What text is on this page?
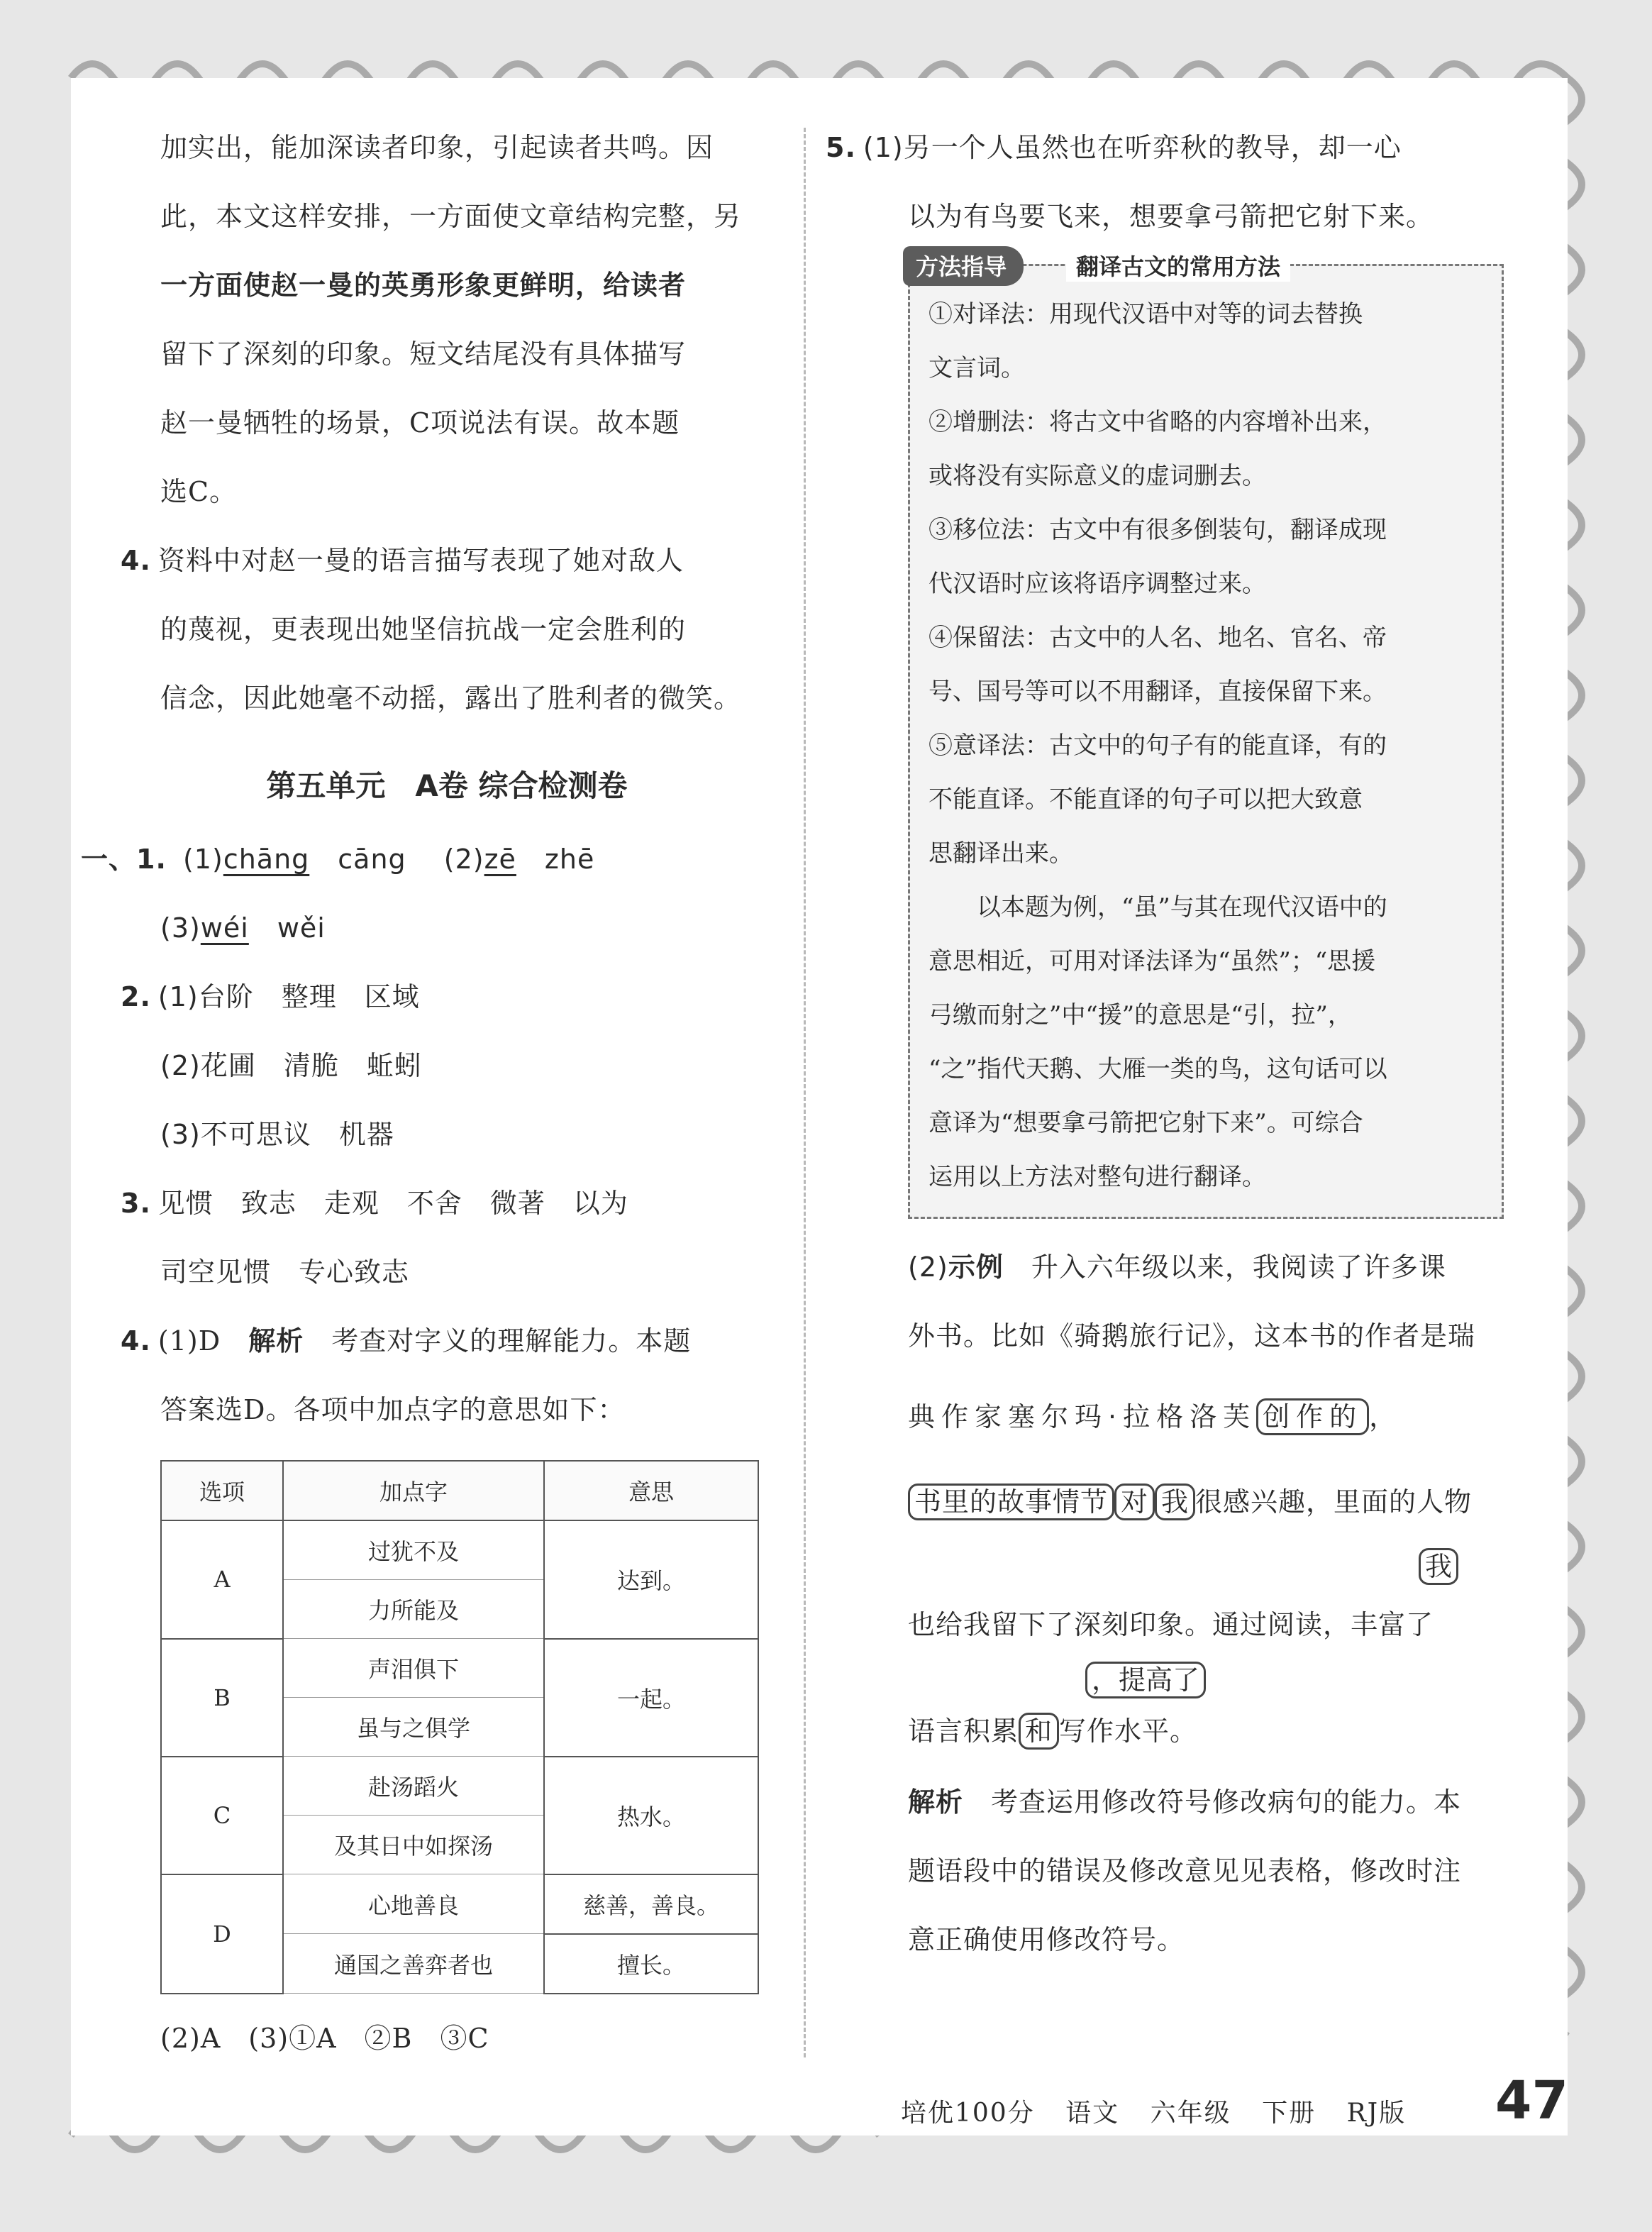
加实出，能加深读者印象，引起读者共鸣。因

此，本文这样安排，一方面使文章结构完整，另

一方面使赵一曼的英勇形象更鲜明，给读者

留下了深刻的印象。短文结尾没有具体描写

赵一曼牺牲的场景，C项说法有误。故本题

选C。

4. 资料中对赵一曼的语言描写表现了她对敌人

的蔑视，更表现出她坚信抗战一定会胜利的

信念，因此她毫不动摇，露出了胜利者的微笑。

第五单元　A卷 综合检测卷

一、1. (1)chāng cāng (2)zē zhē

(3)wéi wěi

2. (1)台阶　整理　区域

(2)花圃　清脆　蚯蚓

(3)不可思议　机器

3. 见惯　致志　走观　不舍　微著　以为

司空见惯　专心致志

4. (1)D　 解析　 考查对字义的理解能力。本题

答案选D。各项中加点字的意思如下：

选项	加点字	意思
A	过犹不及	达到。
	力所能及	
B	声泪俱下	一起。
	虽与之俱学	
C	赴汤蹈火	热水。
	及其日中如探汤	
D	心地善良	慈善，善良。
	通国之善弈者也	擅长。

(2)A　(3)①A　②B　③C

5. (1)另一个人虽然也在听弈秋的教导，却一心

以为有鸟要飞来，想要拿弓箭把它射下来。

方法指导	翻译古文的常用方法

①对译法：用现代汉语中对等的词去替换

文言词。

②增删法：将古文中省略的内容增补出来，

或将没有实际意义的虚词删去。

③移位法：古文中有很多倒装句，翻译成现

代汉语时应该将语序调整过来。

④保留法：古文中的人名、地名、官名、帝

号、国号等可以不用翻译，直接保留下来。

⑤意译法：古文中的句子有的能直译，有的

不能直译。不能直译的句子可以把大致意

思翻译出来。

　　以本题为例，“虽”与其在现代汉语中的

意思相近，可用对译法译为“虽然”；“思援

弓缴而射之”中“援”的意思是“引，拉”，

“之”指代天鹅、大雁一类的鸟，这句话可以

意译为“想要拿弓箭把它射下来”。可综合

运用以上方法对整句进行翻译。

(2)示例　 升入六年级以来，我阅读了许多课

外书。比如《骑鹅旅行记》，这本书的作者是瑞

典作家塞尔玛·拉格洛芙 创作的 ，

书里的故事情节 对 我 很感兴趣，里面的人物

我

也给我留下了深刻印象。通过阅读，丰富了

，提高了

语言积累 和 写作水平。

解析　 考查运用修改符号修改病句的能力。本

题语段中的错误及修改意见见表格，修改时注

意正确使用修改符号。

培优100分 语文 六年级 下册 RJ版	47
